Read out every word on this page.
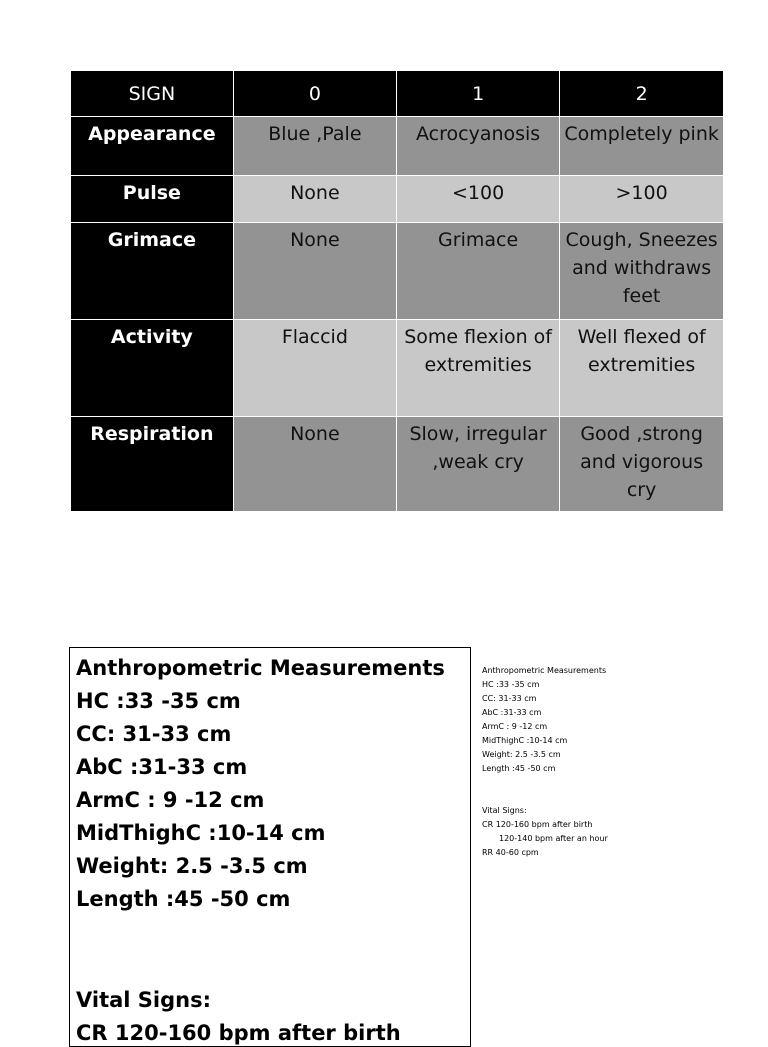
SIGN	0	1	2

Appearance	Blue ,Pale	Acrocyanosis	Completely pink

Pulse	None	<100	>100

Grimace	None	Grimace	Cough, Sneezes and withdraws feet

Activity	Flaccid	Some flexion of extremities	Well flexed of extremities

Respiration	None	Slow, irregular ,weak cry	Good ,strong and vigorous cry
Anthropometric Measurements
HC :33 -35 cm
CC: 31-33 cm
AbC :31-33 cm
ArmC : 9 -12 cm
MidThighC :10-14 cm
Weight: 2.5 -3.5 cm
Length :45 -50 cm
Vital Signs:
CR 120-160 bpm after birth
Anthropometric Measurements
HC :33 -35 cm
CC: 31-33 cm
AbC :31-33 cm
ArmC : 9 -12 cm
MidThighC :10-14 cm
Weight: 2.5 -3.5 cm
Length :45 -50 cm
Vital Signs:
CR 120-160 bpm after birth
120-140 bpm after an hour
RR 40-60 cpm
